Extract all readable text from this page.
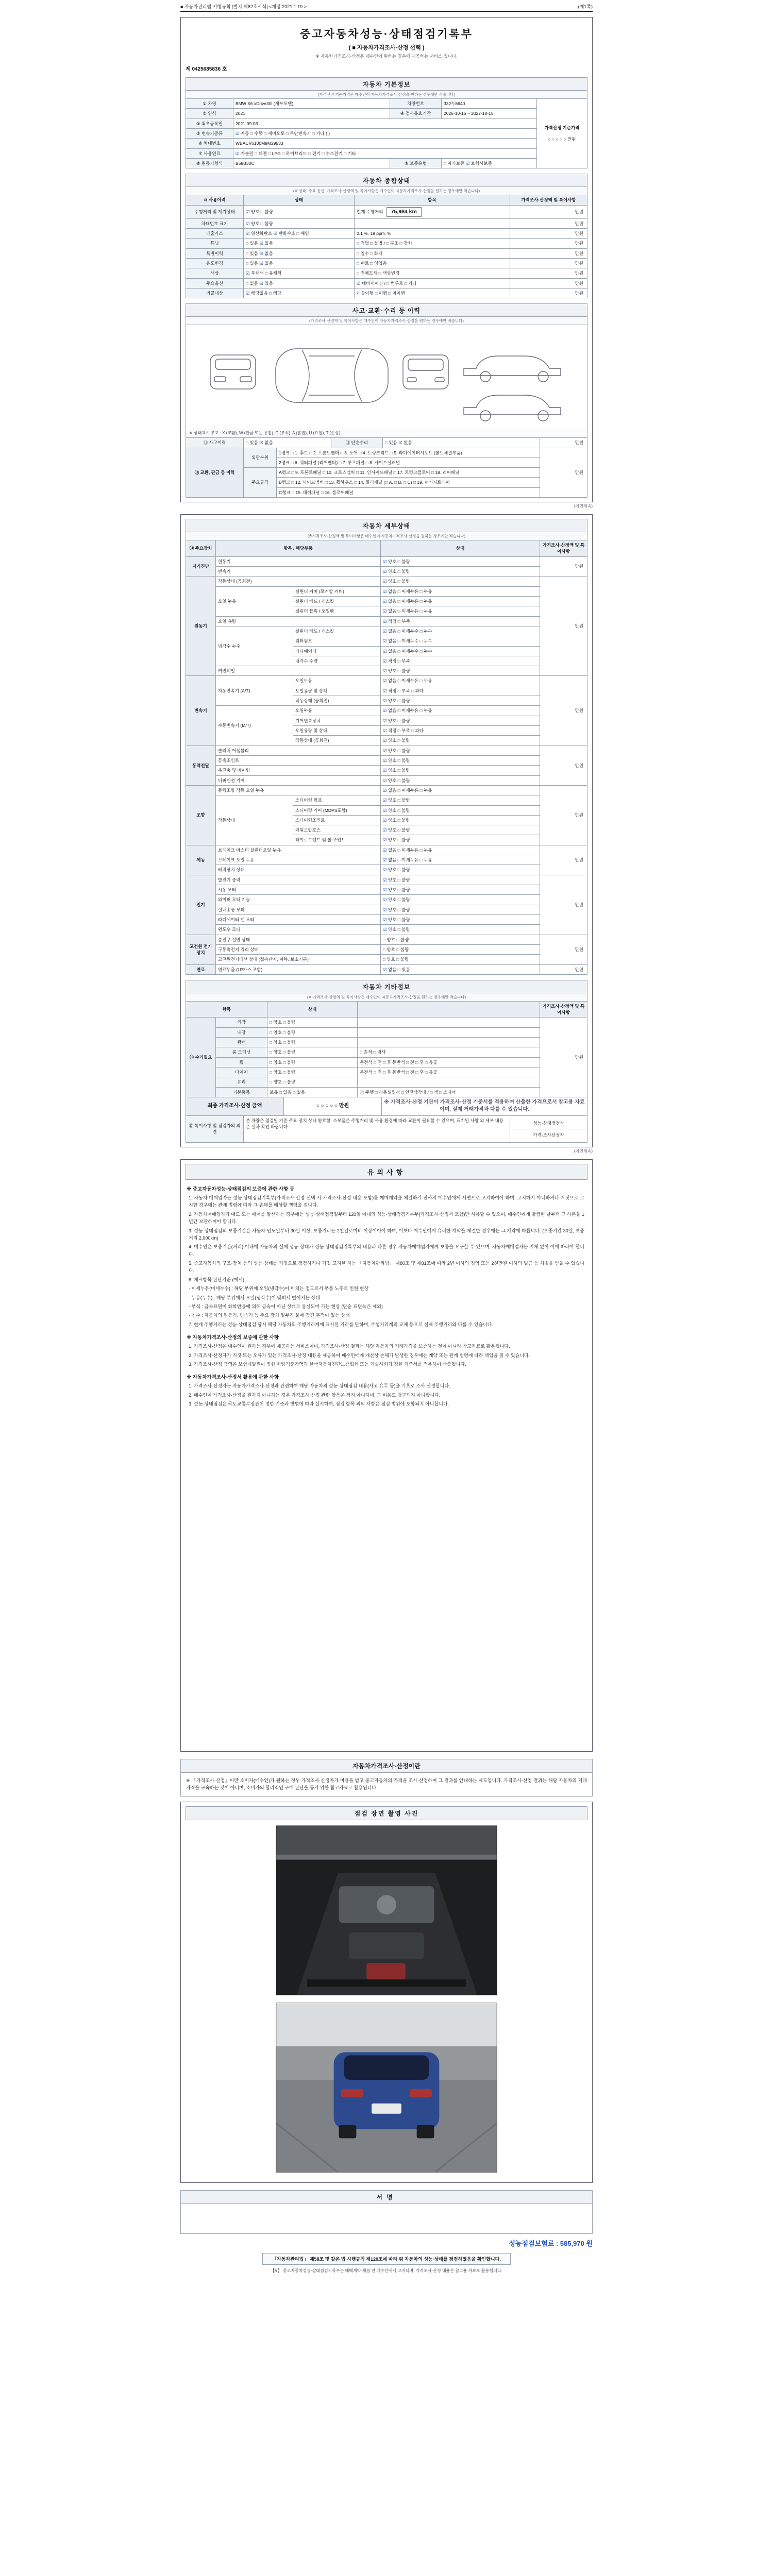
■ 자동차관리법 시행규칙 [별지 제82호서식] <개정 2021.1.19.>	(제1쪽)
중고자동차성능·상태점검기록부
( ■ 자동차가격조사·산정 선택 )
※ 자동차가격조사·산정은 매수인이 원하는 경우에 제공하는 서비스 입니다.
제 0425685836 호
자동차 기본정보
(가격산정 기준가격은 매수인이 자동차가격조사·산정을 원하는 경우에만 적습니다)
① 차명	BMW X6 xDrive30i (세부모델)	차량번호	332누8640	가격산정 기준가격
○ ○ ○ ○ ○ 만원

② 연식	2021	④ 검사유효기간	2025-10-16 ~ 2027-10-15	
③ 최초등록일	2021-09-03			
⑤ 변속기종류	☑ 자동 □ 수동 □ 세미오토 □ 무단변속기 □ 기타 ( )			
⑥ 차대번호	WBACV6100M9M29533			
⑦ 사용연료	☑ 가솔린 □ 디젤 □ LPG □ 하이브리드 □ 전기 □ 수소전기 □ 기타			
⑧ 원동기형식	B58B30C	⑨ 보증유형	□ 자가보증 ☑ 보험사보증	
자동차 종합상태
(※ 상태, 주요 옵션, 가격조사·산정액 및 특이사항은 매수인이 자동차가격조사·산정을 원하는 경우에만 적습니다)
⑩ 사용이력	상태	항목	가격조사·산정액 및 특이사항
주행거리 및 계기상태	☑ 양호 □ 불량	현재 주행거리 75,984 km	만원
차대번호 표기	☑ 양호 □ 불량		만원
배출가스	☑ 일산화탄소 ☑ 탄화수소 □ 매연	0.1 %, 19 ppm, %	만원
튜닝	□ 있음 ☑ 없음	□ 적법 □ 불법 / □ 구조 □ 장치	만원
특별이력	□ 있음 ☑ 없음	□ 침수 □ 화재	만원
용도변경	□ 있음 ☑ 없음	□ 렌트 □ 영업용	만원
색상	☑ 무채색 □ 유채색	□ 전체도색 □ 색상변경	만원
주요옵션	□ 없음 ☑ 있음	☑ 네비게이션 / □ 썬루프 □ 기타	만원
리콜대상	☑ 해당없음 □ 해당	리콜이행 □ 이행 □ 미이행	만원
사고·교환·수리 등 이력
(가격조사·산정액 및 특이사항은 매수인이 자동차가격조사·산정을 원하는 경우에만 적습니다)
※ 상태표시 부호 : X (교환), W (판금 또는 용접), C (부식), A (흠집), U (요철), T (손상)
⑪ 사고이력	□ 있음 ☑ 없음	⑫ 단순수리	□ 있음 ☑ 없음	만원
⑬ 교환, 판금 등 이력	외판부위	1랭크 □ 1. 후드 □ 2. 프론트펜더 □ 3. 도어 □ 4. 트렁크리드 □ 5. 라디에이터서포트 (볼트체결부품)	만원
		2랭크 □ 6. 쿼터패널 (리어펜더) □ 7. 루프패널 □ 8. 사이드실패널	
	주요골격	A랭크 □ 9. 프론트패널 □ 10. 크로스멤버 □ 11. 인사이드패널 □ 17. 트렁크플로어 □ 18. 리어패널	
		B랭크 □ 12. 사이드멤버 □ 13. 휠하우스 □ 14. 필러패널 (□ A, □ B, □ C) □ 19. 패키지트레이	
		C랭크 □ 15. 대쉬패널 □ 16. 플로어패널	
(이면계속)
자동차 세부상태
(※가격조사·산정액 및 특이사항은 매수인이 자동차가격조사·산정을 원하는 경우에만 적습니다)
⑭ 주요장치	항목 / 해당부품		상태	가격조사·산정액 및 특이사항
자기진단	원동기		☑ 양호 □ 불량	만원
	변속기		☑ 양호 □ 불량	
원동기	작동상태 (공회전)		☑ 양호 □ 불량	만원
	오일 누유	실린더 커버 (로커암 커버)	☑ 없음 □ 미세누유 □ 누유	
		실린더 헤드 / 개스킷	☑ 없음 □ 미세누유 □ 누유	
		실린더 블록 / 오일팬	☑ 없음 □ 미세누유 □ 누유	
	오일 유량		☑ 적정 □ 부족	
	냉각수 누수	실린더 헤드 / 개스킷	☑ 없음 □ 미세누수 □ 누수	
		워터펌프	☑ 없음 □ 미세누수 □ 누수	
		라디에이터	☑ 없음 □ 미세누수 □ 누수	
		냉각수 수량	☑ 적정 □ 부족	
	커먼레일		☑ 양호 □ 불량	
변속기	자동변속기 (A/T)	오일누유	☑ 없음 □ 미세누유 □ 누유	만원
		오일유량 및 상태	☑ 적정 □ 부족 □ 과다	
		작동상태 (공회전)	☑ 양호 □ 불량	
	수동변속기 (M/T)	오일누유	☑ 없음 □ 미세누유 □ 누유	
		기어변속장치	☑ 양호 □ 불량	
		오일유량 및 상태	☑ 적정 □ 부족 □ 과다	
		작동상태 (공회전)	☑ 양호 □ 불량	
동력전달	클러치 어셈블리		☑ 양호 □ 불량	만원
	등속조인트		☑ 양호 □ 불량	
	추진축 및 베어링		☑ 양호 □ 불량	
	디퍼렌셜 기어		☑ 양호 □ 불량	
조향	동력조향 작동 오일 누유		☑ 없음 □ 미세누유 □ 누유	만원
	작동상태	스티어링 펌프	☑ 양호 □ 불량	
		스티어링 기어 (MDPS포함)	☑ 양호 □ 불량	
		스티어링조인트	☑ 양호 □ 불량	
		파워고압호스	☑ 양호 □ 불량	
		타이로드엔드 및 볼 조인트	☑ 양호 □ 불량	
제동	브레이크 마스터 실린더오일 누유		☑ 없음 □ 미세누유 □ 누유	만원
	브레이크 오일 누유		☑ 없음 □ 미세누유 □ 누유	
	배력장치 상태		☑ 양호 □ 불량	
전기	발전기 출력		☑ 양호 □ 불량	만원
	시동 모터		☑ 양호 □ 불량	
	와이퍼 모터 기능		☑ 양호 □ 불량	
	실내송풍 모터		☑ 양호 □ 불량	
	라디에이터 팬 모터		☑ 양호 □ 불량	
	윈도우 모터		☑ 양호 □ 불량	
고전원 전기장치	충전구 절연 상태		□ 양호 □ 불량	만원
	구동축전지 격리 상태		□ 양호 □ 불량	
	고전원전기배선 상태 (접속단자, 피복, 보호기구)		□ 양호 □ 불량	
연료	연료누출 (LP가스 포함)		☑ 없음 □ 있음	만원
자동차 기타정보
(※ 가격조사·산정액 및 특이사항은 매수인이 자동차가격조사·산정을 원하는 경우에만 적습니다)
항목		상태		가격조사·산정액 및 특이사항
⑮ 수리필요	외장	□ 양호 □ 불량		만원
	내장	□ 양호 □ 불량		
	광택	□ 양호 □ 불량		
	룸 크리닝	□ 양호 □ 불량	□ 흔적 □ 냄새	
	휠	□ 양호 □ 불량	운전석 □ 전 □ 후 동반석 □ 전 □ 후 □ 응급	
	타이어	□ 양호 □ 불량	운전석 □ 전 □ 후 동반석 □ 전 □ 후 □ 응급	
	유리	□ 양호 □ 불량		
	기본품목	보유 □ 있음 □ 없음	⑯ 주행 □ 사용설명서 □ 안전삼각대 / □ 잭 □ 스패너	
최종 가격조사·산정 금액	○ ○ ○ ○ ○ 만원	※ 가격조사·산정 기관이 가격조사·산정 기준서를 적용하여 산출한 가격으로서 참고용 자료이며, 실제 거래가격과 다를 수 있습니다.
⑰ 특이사항 및 점검자의 의견	본 차량은 점검일 기준 주요 장치 상태 양호함. 소모품은 주행거리 및 사용 환경에 따라 교환이 필요할 수 있으며, 표기된 사항 외 세부 내용은 실차 확인 바랍니다.	
성능·상태점검자
가격·조사산정자
(이면계속)
유의사항
※ 중고자동차성능·상태점검의 보증에 관한 사항 등

1. 자동차 매매업자는 성능·상태점검기록부(가격조사·산정 선택 시 가격조사·산정 내용 포함)를 매매계약을 체결하기 전까지 매수인에게 서면으로 고지하여야 하며, 고지하지 아니하거나 거짓으로 고지한 경우에는 관계 법령에 따라 그 손해를 배상할 책임을 집니다.

2. 자동차매매업자가 매도 또는 매매를 알선하는 경우에는 성능·상태점검일부터 120일 이내의 성능·상태점검기록부(가격조사·산정서 포함)만 사용할 수 있으며, 매수인에게 발급한 날부터 그 사본을 1년간 보관하여야 합니다.

3. 성능·상태점검의 보증기간은 자동차 인도일부터 30일 이상, 보증거리는 2천킬로미터 이상이어야 하며, 이보다 매수인에게 유리한 계약을 체결한 경우에는 그 계약에 따릅니다. (보증기간 30일, 보증거리 2,000km)

4. 매수인은 보증기간(거리) 이내에 자동차의 실제 성능·상태가 성능·상태점검기록부의 내용과 다른 경우 자동차매매업자에게 보증을 요구할 수 있으며, 자동차매매업자는 지체 없이 이에 따라야 합니다.

5. 중고자동차의 구조·장치 등의 성능·상태를 거짓으로 점검하거나 거짓 고지한 자는 「자동차관리법」 제80조 및 제81조에 따라 2년 이하의 징역 또는 2천만원 이하의 벌금 등 처벌을 받을 수 있습니다.

6. 체크항목 판단기준 (예시)

- 미세누유(미세누수) : 해당 부위에 오일(냉각수)이 비치는 정도로서 부품 노후로 인한 현상

- 누유(누수) : 해당 부위에서 오일(냉각수)이 맺혀서 떨어지는 상태

- 부식 : 금속표면이 화학반응에 의해 금속이 아닌 상태로 상실되어 가는 현상 (단순 표면녹은 제외)

- 침수 : 자동차의 원동기, 변속기 등 주요 장치 일부가 물에 잠긴 흔적이 있는 상태

7. 현재 주행거리는 성능·상태점검 당시 해당 자동차의 주행거리계에 표시된 거리를 말하며, 주행거리계의 교체 등으로 실제 주행거리와 다를 수 있습니다.

※ 자동차가격조사·산정의 보증에 관한 사항

1. 가격조사·산정은 매수인이 원하는 경우에 제공하는 서비스이며, 가격조사·산정 결과는 해당 자동차의 거래가격을 보증하는 것이 아니라 참고자료로 활용됩니다.

2. 가격조사·산정자가 거짓 또는 오류가 있는 가격조사·산정 내용을 제공하여 매수인에게 재산상 손해가 발생한 경우에는 계약 또는 관계 법령에 따라 책임을 질 수 있습니다.

3. 가격조사·산정 금액은 보험개발원이 정한 차량기준가액과 한국자동차진단보증협회 또는 기술사회가 정한 기준서를 적용하여 산출됩니다.

※ 자동차가격조사·산정서 활용에 관한 사항

1. 가격조사·산정자는 자동차가격조사·산정과 관련하여 해당 자동차의 성능·상태점검 내용(사고 유무 등)을 기초로 조사·산정합니다.

2. 매수인이 가격조사·산정을 원하지 아니하는 경우 가격조사·산정 관련 항목은 적지 아니하며, 그 비용도 청구되지 아니합니다.

3. 성능·상태점검은 국토교통부장관이 정한 기준과 방법에 따라 실시하며, 점검 항목 외의 사항은 점검 범위에 포함되지 아니합니다.

자동차가격조사·산정이란
※ 「가격조사·산정」이란 소비자(매수인)가 원하는 경우 가격조사·산정자가 비용을 받고 중고자동차의 가격을 조사·산정하여 그 결과를 안내하는 제도입니다. 가격조사·산정 결과는 해당 자동차의 거래가격을 구속하는 것이 아니며, 소비자의 합리적인 구매 판단을 돕기 위한 참고자료로 활용됩니다.
점검 장면 촬영 사진
서명
성능점검보험료 : 585,970 원
「자동차관리법」 제58조 및 같은 법 시행규칙 제120조에 따라 위 자동차의 성능·상태를 점검하였음을 확인합니다.
【Ⅴ】 중고자동차성능·상태점검기록부는 매매계약 체결 전 매수인에게 고지되며, 가격조사·산정 내용은 참고용 자료로 활용됩니다.
